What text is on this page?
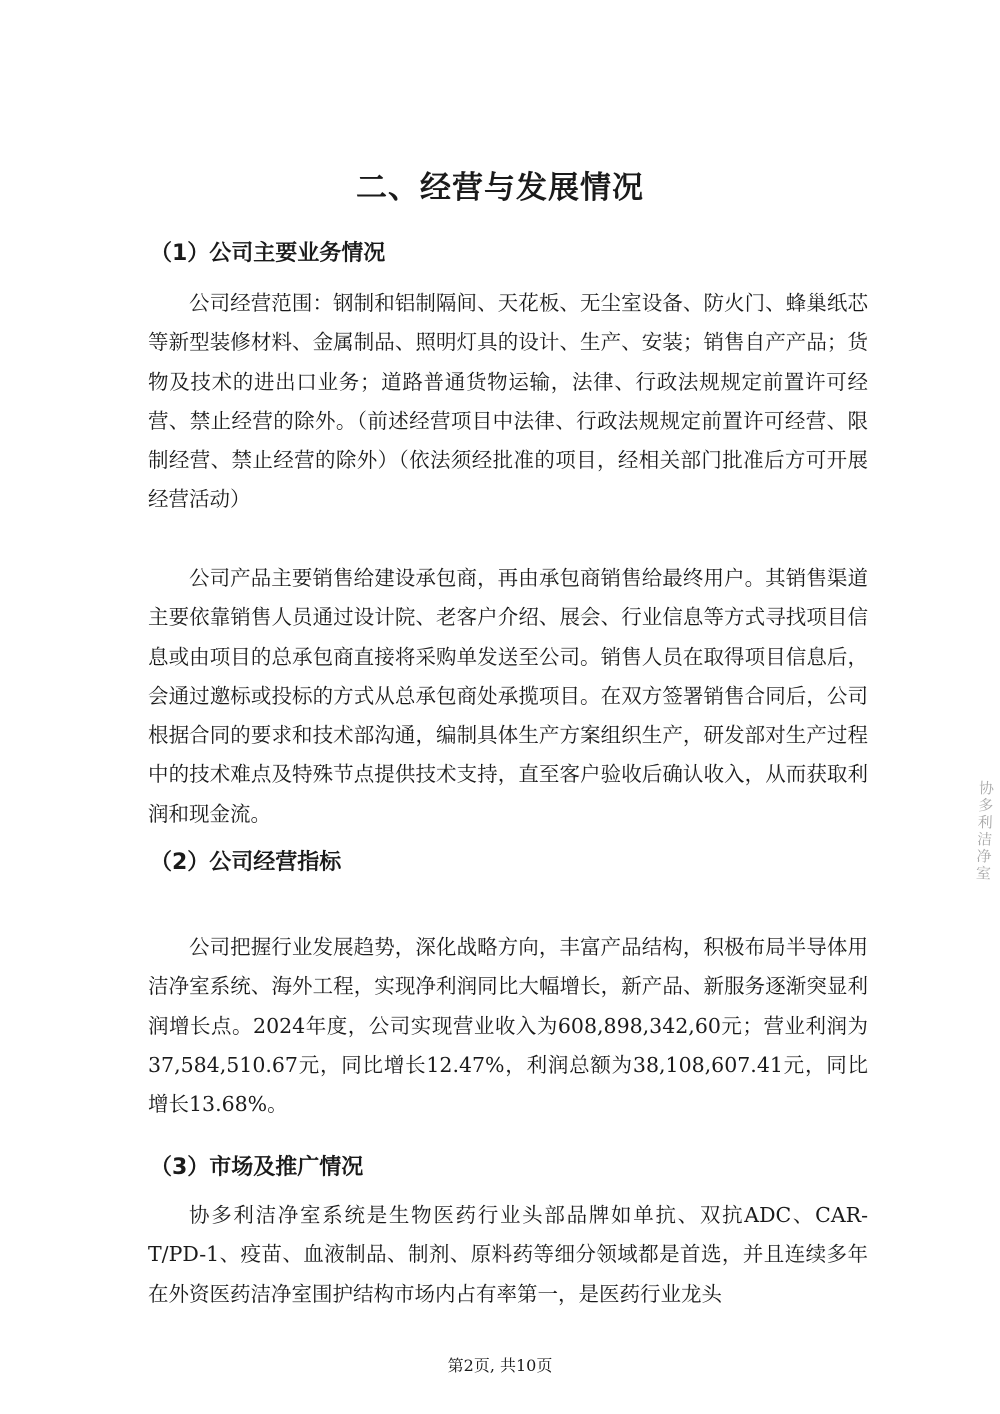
二、经营与发展情况
（1）公司主要业务情况
公司经营范围：钢制和铝制隔间、天花板、无尘室设备、防火门、蜂巢纸芯等新型装修材料、金属制品、照明灯具的设计、生产、安装；销售自产产品；货物及技术的进出口业务；道路普通货物运输，法律、行政法规规定前置许可经营、禁止经营的除外。（前述经营项目中法律、行政法规规定前置许可经营、限制经营、禁止经营的除外）（依法须经批准的项目，经相关部门批准后方可开展经营活动）
公司产品主要销售给建设承包商，再由承包商销售给最终用户。其销售渠道主要依靠销售人员通过设计院、老客户介绍、展会、行业信息等方式寻找项目信息或由项目的总承包商直接将采购单发送至公司。销售人员在取得项目信息后，会通过邀标或投标的方式从总承包商处承揽项目。在双方签署销售合同后，公司根据合同的要求和技术部沟通，编制具体生产方案组织生产，研发部对生产过程中的技术难点及特殊节点提供技术支持，直至客户验收后确认收入，从而获取利润和现金流。
（2）公司经营指标
公司把握行业发展趋势，深化战略方向，丰富产品结构，积极布局半导体用洁净室系统、海外工程，实现净利润同比大幅增长，新产品、新服务逐渐突显利润增长点。2024年度，公司实现营业收入为608,898,342,60元；营业利润为37,584,510.67元，同比增长12.47%，利润总额为38,108,607.41元，同比增长13.68%。
（3）市场及推广情况
协多利洁净室系统是生物医药行业头部品牌如单抗、双抗ADC、CAR-T/PD-1、疫苗、血液制品、制剂、原料药等细分领域都是首选，并且连续多年在外资医药洁净室围护结构市场内占有率第一，是医药行业龙头
协多利洁净室
第2页, 共10页
